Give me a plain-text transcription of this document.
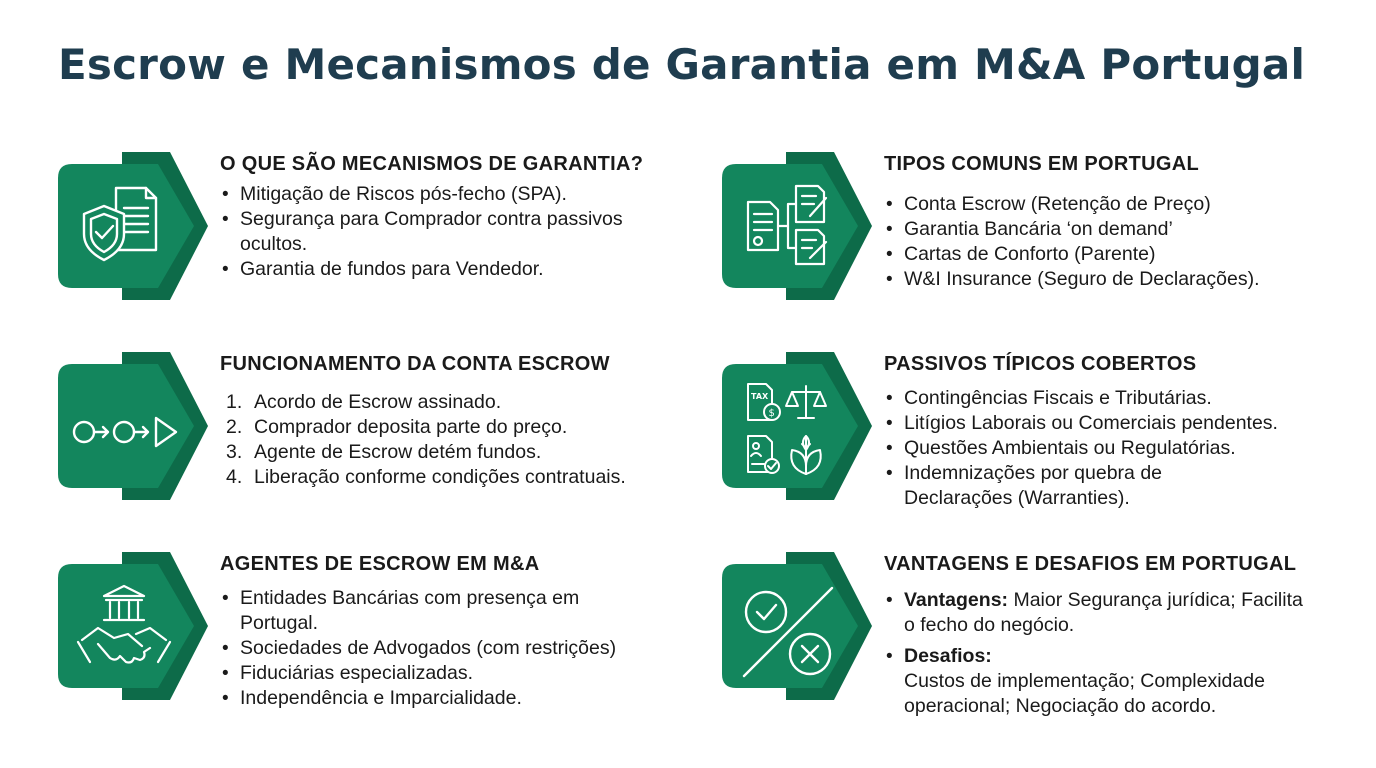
Escrow e Mecanismos de Garantia em M&A Portugal
O QUE SÃO MECANISMOS DE GARANTIA?
• Mitigação de Riscos pós-fecho (SPA).
• Segurança para Comprador contra passivos ocultos.
• Garantia de fundos para Vendedor.
TIPOS COMUNS EM PORTUGAL
• Conta Escrow (Retenção de Preço)
• Garantia Bancária ‘on demand’
• Cartas de Conforto (Parente)
• W&I Insurance (Seguro de Declarações).
FUNCIONAMENTO DA CONTA ESCROW
1. Acordo de Escrow assinado.
2. Comprador deposita parte do preço.
3. Agente de Escrow detém fundos.
4. Liberação conforme condições contratuais.
TAX
$
PASSIVOS TÍPICOS COBERTOS
• Contingências Fiscais e Tributárias.
• Litígios Laborais ou Comerciais pendentes.
• Questões Ambientais ou Regulatórias.
• Indemnizações por quebra de Declarações (Warranties).
AGENTES DE ESCROW EM M&A
• Entidades Bancárias com presença em Portugal.
• Sociedades de Advogados (com restrições)
• Fiduciárias especializadas.
• Independência e Imparcialidade.
VANTAGENS E DESAFIOS EM PORTUGAL
• Vantagens: Maior Segurança jurídica; Facilita o fecho do negócio.
• Desafios:
Custos de implementação; Complexidade operacional; Negociação do acordo.
